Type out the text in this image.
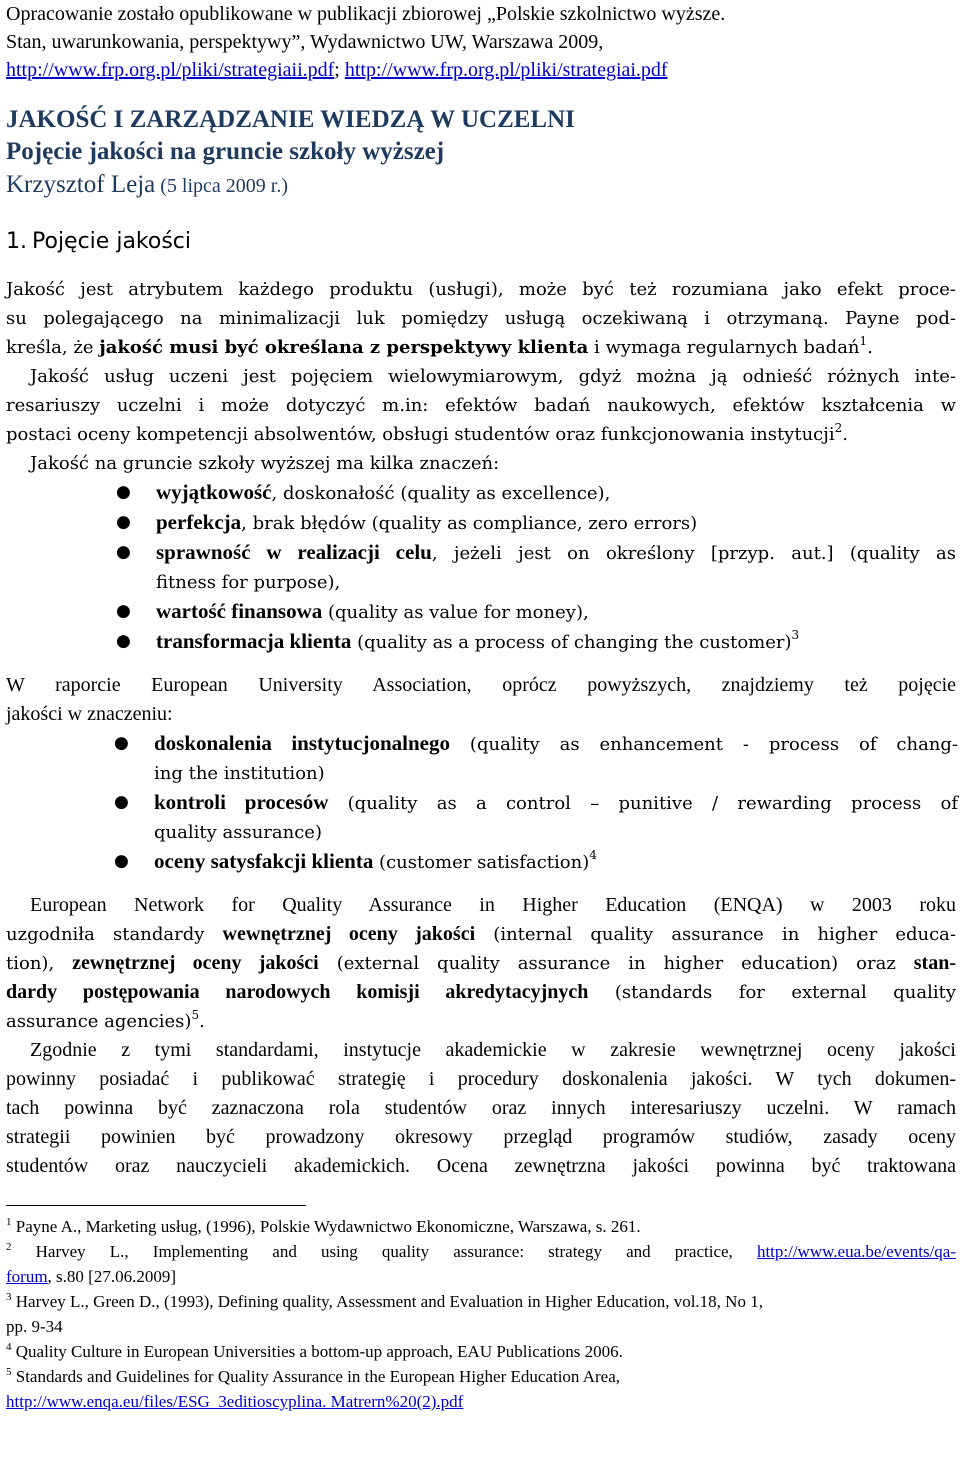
Opracowanie zostało opublikowane w publikacji zbiorowej „Polskie szkolnictwo wyższe.
Stan, uwarunkowania, perspektywy”, Wydawnictwo UW, Warszawa 2009,
http://www.frp.org.pl/pliki/strategiaii.pdf; http://www.frp.org.pl/pliki/strategiai.pdf
JAKOŚĆ I ZARZĄDZANIE WIEDZĄ W UCZELNI
Pojęcie jakości na gruncie szkoły wyższej
Krzysztof Leja (5 lipca 2009 r.)
1. Pojęcie jakości
Jakość jest atrybutem każdego produktu (usługi), może być też rozumiana jako efekt proce-
su polegającego na minimalizacji luk pomiędzy usługą oczekiwaną i otrzymaną. Payne pod-
kreśla, że jakość musi być określana z perspektywy klienta i wymaga regularnych badań$^1$.
Jakość usług uczeni jest pojęciem wielowymiarowym, gdyż można ją odnieść różnych inte-
resariuszy uczelni i może dotyczyć m.in: efektów badań naukowych, efektów kształcenia w
postaci oceny kompetencji absolwentów, obsługi studentów oraz funkcjonowania instytucji$^2$.
Jakość na gruncie szkoły wyższej ma kilka znaczeń:
● wyjątkowość, doskonałość (quality as excellence),
● perfekcja, brak błędów (quality as compliance, zero errors)
● sprawność w realizacji celu, jeżeli jest on określony [przyp. aut.] (quality as
fitness for purpose),
● wartość finansowa (quality as value for money),
● transformacja klienta (quality as a process of changing the customer)$^3$
W raporcie European University Association, oprócz powyższych, znajdziemy też pojęcie
jakości w znaczeniu:
● doskonalenia instytucjonalnego (quality as enhancement - process of chang-
ing the institution)
● kontroli procesów (quality as a control – punitive / rewarding process of
quality assurance)
● oceny satysfakcji klienta (customer satisfaction)$^4$
European Network for Quality Assurance in Higher Education (ENQA) w 2003 roku
uzgodniła standardy wewnętrznej oceny jakości (internal quality assurance in higher educa-
tion), zewnętrznej oceny jakości (external quality assurance in higher education) oraz stan-
dardy postępowania narodowych komisji akredytacyjnych (standards for external quality
assurance agencies)$^5$.
Zgodnie z tymi standardami, instytucje akademickie w zakresie wewnętrznej oceny jakości
powinny posiadać i publikować strategię i procedury doskonalenia jakości. W tych dokumen-
tach powinna być zaznaczona rola studentów oraz innych interesariuszy uczelni. W ramach
strategii powinien być prowadzony okresowy przegląd programów studiów, zasady oceny
studentów oraz nauczycieli akademickich. Ocena zewnętrzna jakości powinna być traktowana
$^1$ Payne A., Marketing usług, (1996), Polskie Wydawnictwo Ekonomiczne, Warszawa, s. 261.
$^2$ Harvey L., Implementing and using quality assurance: strategy and practice, http://www.eua.be/events/qa-
forum, s.80 [27.06.2009]
$^3$ Harvey L., Green D., (1993), Defining quality, Assessment and Evaluation in Higher Education, vol.18, No 1,
pp. 9-34
$^4$ Quality Culture in European Universities a bottom-up approach, EAU Publications 2006.
$^5$ Standards and Guidelines for Quality Assurance in the European Higher Education Area,
http://www.enqa.eu/files/ESG_3editioscyplina. Matrern%20(2).pdf
